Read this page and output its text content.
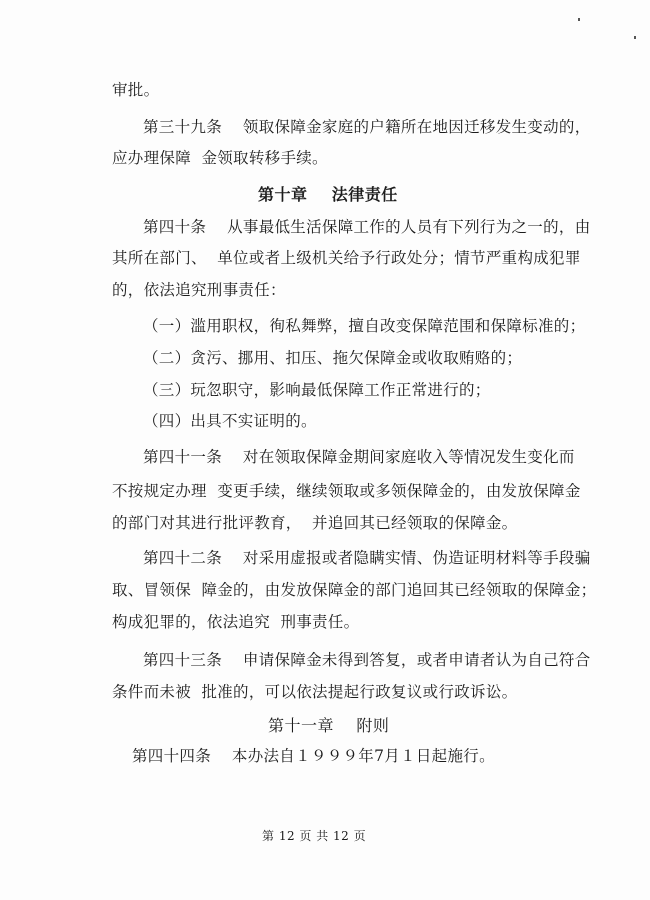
审批。
第三十九条    领取保障金家庭的户籍所在地因迁移发生变动的，
应办理保障  金领取转移手续。
第十章    法律责任
第四十条    从事最低生活保障工作的人员有下列行为之一的，由
其所在部门、  单位或者上级机关给予行政处分；情节严重构成犯罪
的，依法追究刑事责任：
（一）滥用职权，徇私舞弊，擅自改变保障范围和保障标准的；
（二）贪污、挪用、扣压、拖欠保障金或收取贿赂的；
（三）玩忽职守，影响最低保障工作正常进行的；
（四）出具不实证明的。
第四十一条    对在领取保障金期间家庭收入等情况发生变化而
不按规定办理  变更手续，继续领取或多领保障金的，由发放保障金
的部门对其进行批评教育，  并追回其已经领取的保障金。
第四十二条    对采用虚报或者隐瞒实情、伪造证明材料等手段骗
取、冒领保  障金的，由发放保障金的部门追回其已经领取的保障金；
构成犯罪的，依法追究  刑事责任。
第四十三条    申请保障金未得到答复，或者申请者认为自己符合
条件而未被  批准的，可以依法提起行政复议或行政诉讼。
第十一章    附则
第四十四条    本办法自１９９９年7月１日起施行。
第 12 页 共 12 页
